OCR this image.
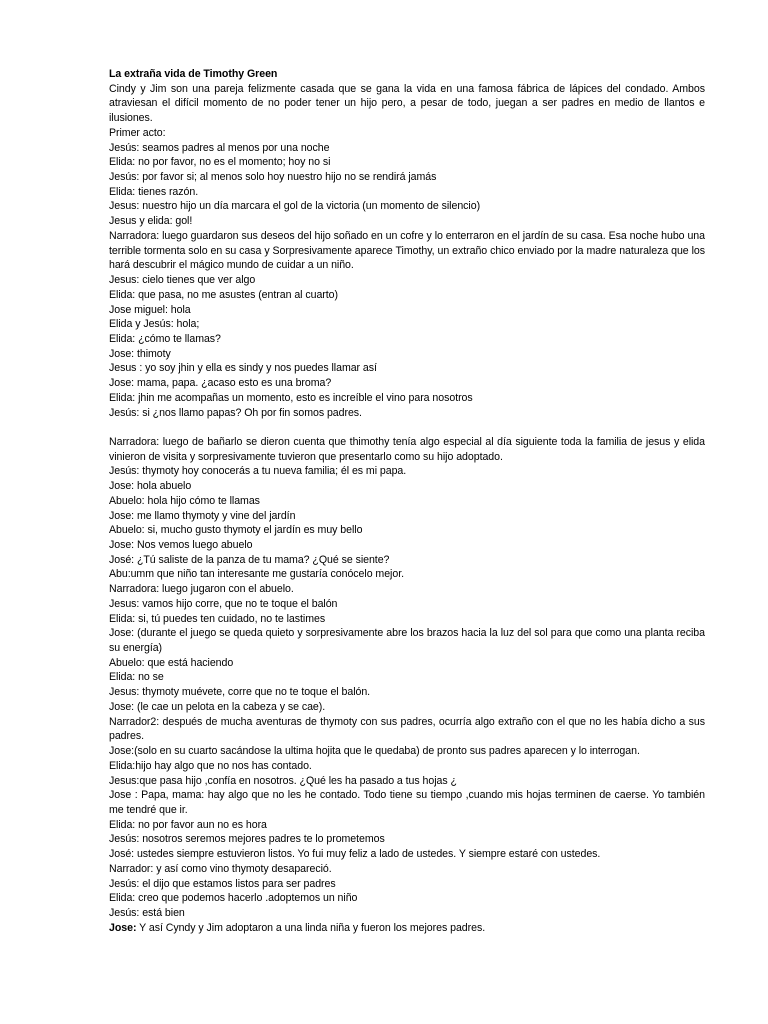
La extraña vida de Timothy Green
Cindy y Jim son una pareja felizmente casada que se gana la vida en una famosa fábrica de lápices del condado. Ambos atraviesan el difícil momento de no poder tener un hijo pero, a pesar de todo, juegan a ser padres en medio de llantos e ilusiones.
Primer acto:
Jesús: seamos padres al menos por una noche
Elida: no por favor, no es el momento; hoy no si
Jesús: por favor si; al menos solo hoy nuestro hijo no se rendirá jamás
Elida: tienes razón.
Jesus: nuestro hijo un día marcara el gol de la victoria (un momento de silencio)
Jesus y elida: gol!
Narradora: luego guardaron sus deseos del hijo soñado en un cofre y lo enterraron en el jardín de su casa. Esa noche hubo una terrible tormenta solo en su casa y Sorpresivamente aparece Timothy, un extraño chico enviado por la madre naturaleza que los hará descubrir el mágico mundo de cuidar a un niño.
Jesus: cielo tienes que ver algo
Elida: que pasa, no me asustes (entran al cuarto)
Jose miguel: hola
Elida y Jesús: hola;
Elida: ¿cómo te llamas?
Jose: thimoty
Jesus : yo soy jhin y ella es sindy y nos puedes llamar así
Jose: mama, papa. ¿acaso esto es una broma?
Elida: jhin me acompañas un momento, esto es increíble el vino para nosotros
Jesús: si ¿nos llamo papas? Oh por fin somos padres.
Narradora: luego de bañarlo se dieron cuenta que thimothy tenía algo especial al día siguiente toda la familia de jesus y elida vinieron de visita y sorpresivamente tuvieron que presentarlo como su hijo adoptado.
Jesús: thymoty hoy conocerás a tu nueva familia; él es mi papa.
Jose: hola abuelo
Abuelo: hola hijo cómo te llamas
Jose: me llamo thymoty y vine del jardín
Abuelo: si, mucho gusto thymoty el jardín es muy bello
Jose: Nos vemos luego abuelo
José: ¿Tú saliste de la panza de tu mama? ¿Qué se siente?
Abu:umm que niño tan interesante me gustaría conócelo mejor.
Narradora: luego jugaron con el abuelo.
Jesus: vamos hijo corre, que no te toque el balón
Elida: si, tú puedes ten cuidado, no te lastimes
Jose: (durante el juego se queda quieto y sorpresivamente abre los brazos hacia la luz del sol para que como una planta reciba su energía)
Abuelo: que está haciendo
Elida: no se
Jesus: thymoty muévete, corre que no te toque el balón.
Jose: (le cae un pelota en la cabeza y se cae).
Narrador2: después de mucha aventuras de thymoty con sus padres, ocurría algo extraño con el que no les había dicho a sus padres.
Jose:(solo en su cuarto sacándose la ultima hojita que le quedaba) de pronto sus padres aparecen y lo interrogan.
Elida:hijo hay algo que no nos has contado.
Jesus:que pasa hijo ,confía en nosotros. ¿Qué les ha pasado a tus hojas ¿
Jose : Papa, mama: hay algo que no les he contado. Todo tiene su tiempo ,cuando mis hojas terminen de caerse. Yo también me tendré que ir.
Elida: no por favor aun no es hora
Jesús: nosotros seremos mejores padres te lo prometemos
José: ustedes siempre estuvieron listos. Yo fui muy feliz a lado de ustedes. Y siempre estaré con ustedes.
Narrador: y así como vino thymoty desapareció.
Jesús: el dijo que estamos listos para ser padres
Elida: creo que podemos hacerlo .adoptemos un niño
Jesús: está bien
Jose: Y así Cyndy y Jim adoptaron a una linda niña y fueron los mejores padres.
